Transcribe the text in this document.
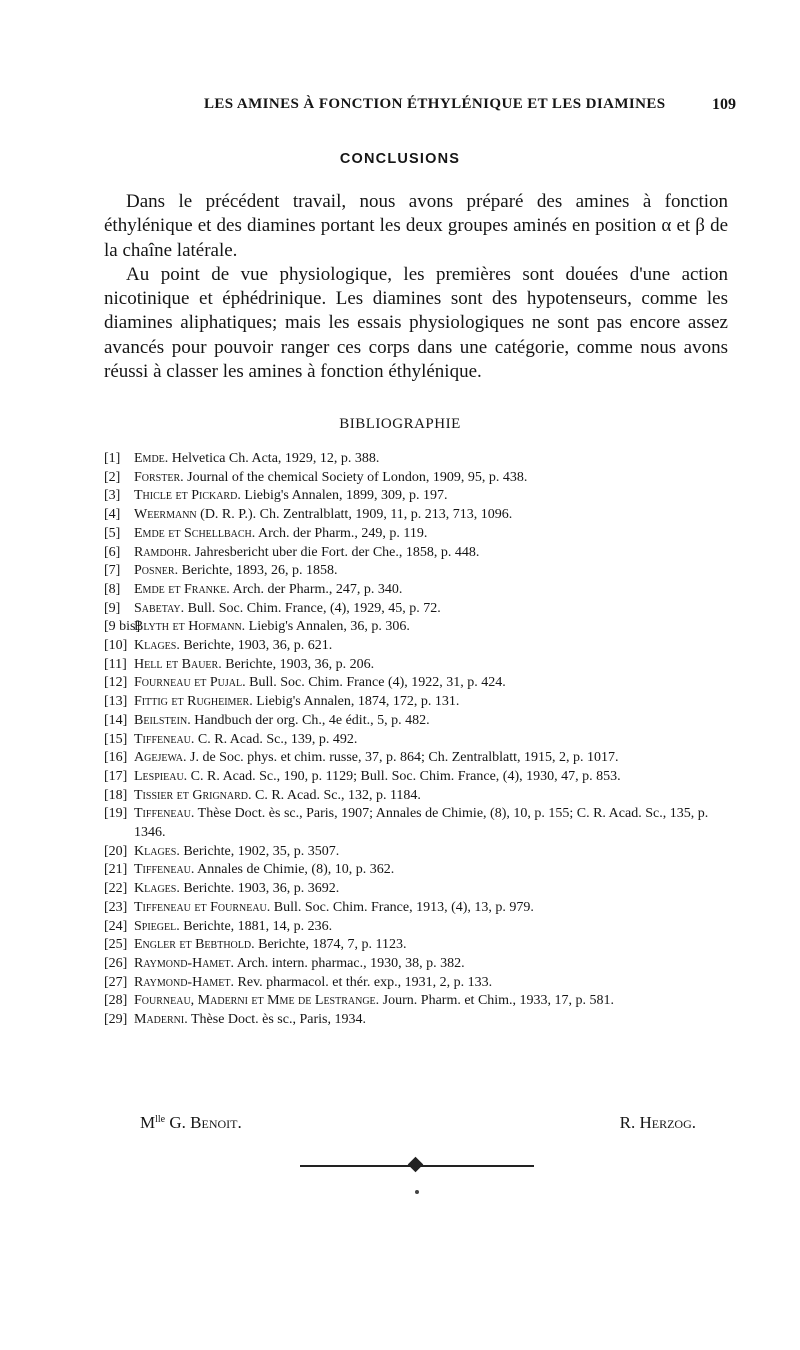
LES AMINES À FONCTION ÉTHYLÉNIQUE ET LES DIAMINES	109
CONCLUSIONS

Dans le précédent travail, nous avons préparé des amines à fonction éthylénique et des diamines portant les deux groupes aminés en position α et β de la chaîne latérale.

Au point de vue physiologique, les premières sont douées d'une action nicotinique et éphédrinique. Les diamines sont des hypotenseurs, comme les diamines aliphatiques; mais les essais physiologiques ne sont pas encore assez avancés pour pouvoir ranger ces corps dans une catégorie, comme nous avons réussi à classer les amines à fonction éthylénique.

BIBLIOGRAPHIE
[1] Emde. Helvetica Ch. Acta, 1929, 12, p. 388.
[2] Forster. Journal of the chemical Society of London, 1909, 95, p. 438.
[3] Thicle et Pickard. Liebig's Annalen, 1899, 309, p. 197.
[4] Weermann (D. R. P.). Ch. Zentralblatt, 1909, 11, p. 213, 713, 1096.
[5] Emde et Schellbach. Arch. der Pharm., 249, p. 119.
[6] Ramdohr. Jahresbericht uber die Fort. der Che., 1858, p. 448.
[7] Posner. Berichte, 1893, 26, p. 1858.
[8] Emde et Franke. Arch. der Pharm., 247, p. 340.
[9] Sabetay. Bull. Soc. Chim. France, (4), 1929, 45, p. 72.
[9 bis]
Blyth et Hofmann. Liebig's Annalen, 36, p. 306.
[10] Klages. Berichte, 1903, 36, p. 621.
[11] Hell et Bauer. Berichte, 1903, 36, p. 206.
[12] Fourneau et Pujal. Bull. Soc. Chim. France (4), 1922, 31, p. 424.
[13] Fittig et Rugheimer. Liebig's Annalen, 1874, 172, p. 131.
[14] Beilstein. Handbuch der org. Ch., 4e édit., 5, p. 482.
[15] Tiffeneau. C. R. Acad. Sc., 139, p. 492.
[16] Agejewa. J. de Soc. phys. et chim. russe, 37, p. 864; Ch. Zentralblatt, 1915, 2, p. 1017.
[17] Lespieau. C. R. Acad. Sc., 190, p. 1129; Bull. Soc. Chim. France, (4), 1930, 47, p. 853.
[18] Tissier et Grignard. C. R. Acad. Sc., 132, p. 1184.
[19] Tiffeneau. Thèse Doct. ès sc., Paris, 1907; Annales de Chimie, (8), 10, p. 155; C. R. Acad. Sc., 135, p. 1346.
[20] Klages. Berichte, 1902, 35, p. 3507.
[21] Tiffeneau. Annales de Chimie, (8), 10, p. 362.
[22] Klages. Berichte. 1903, 36, p. 3692.
[23] Tiffeneau et Fourneau. Bull. Soc. Chim. France, 1913, (4), 13, p. 979.
[24] Spiegel. Berichte, 1881, 14, p. 236.
[25] Engler et Bebthold. Berichte, 1874, 7, p. 1123.
[26] Raymond-Hamet. Arch. intern. pharmac., 1930, 38, p. 382.
[27] Raymond-Hamet. Rev. pharmacol. et thér. exp., 1931, 2, p. 133.
[28] Fourneau, Maderni et Mme de Lestrange. Journ. Pharm. et Chim., 1933, 17, p. 581.
[29] Maderni. Thèse Doct. ès sc., Paris, 1934.
$M^{lle}$ G. Benoit.	R. Herzog.
